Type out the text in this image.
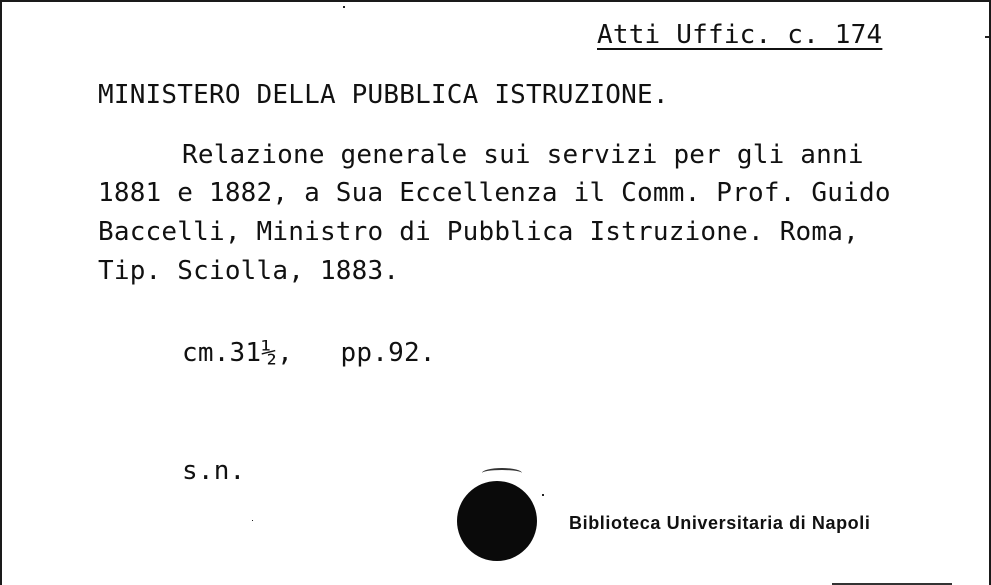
Atti Uffic. c. 174
MINISTERO DELLA PUBBLICA ISTRUZIONE.
Relazione generale sui servizi per gli anni
1881 e 1882, a Sua Eccellenza il Comm. Prof. Guido
Baccelli, Ministro di Pubblica Istruzione. Roma,
Tip. Sciolla, 1883.
cm.31½,   pp.92.
s.n.
Biblioteca Universitaria di Napoli
